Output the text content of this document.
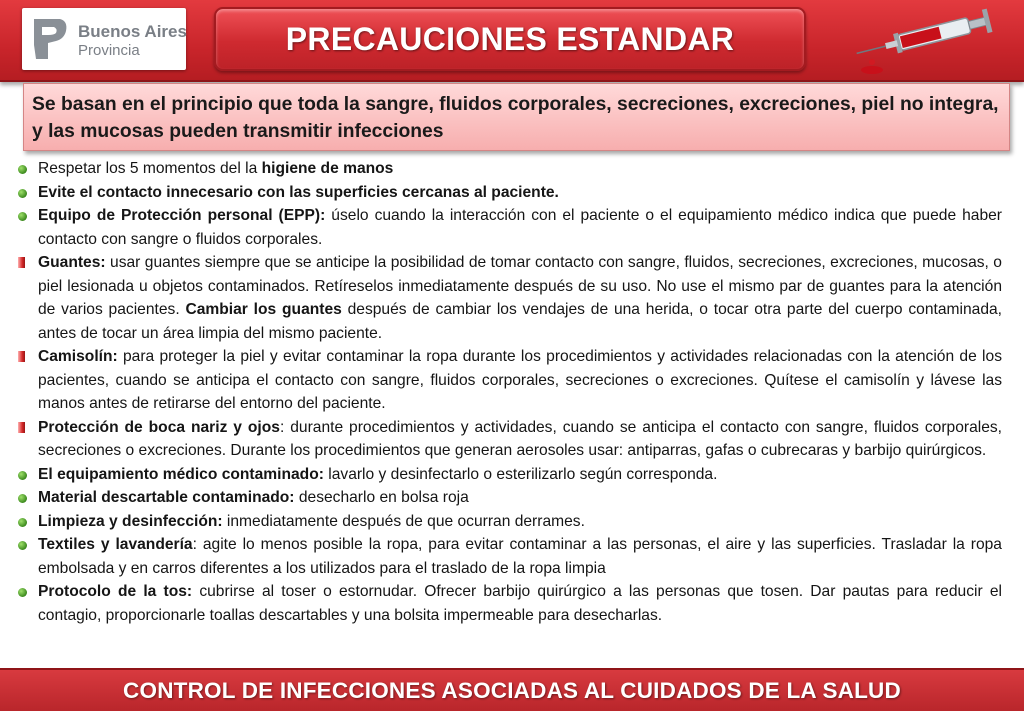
Buenos Aires
Provincia	PRECAUCIONES ESTANDAR
Se basan en el principio que toda la sangre, fluidos corporales, secreciones, excreciones, piel no integra, y las mucosas pueden transmitir infecciones
Respetar los 5 momentos del la higiene de manos
Evite el contacto innecesario con las superficies cercanas al paciente.
Equipo de Protección personal (EPP): úselo cuando la interacción con el paciente o el equipamiento médico indica que puede haber contacto con sangre o fluidos corporales.
Guantes: usar guantes siempre que se anticipe la posibilidad de tomar contacto con sangre, fluidos, secreciones, excreciones, mucosas, o piel lesionada u objetos contaminados. Retíreselos inmediatamente después de su uso. No use el mismo par de guantes para la atención de varios pacientes. Cambiar los guantes después de cambiar los vendajes de una herida, o tocar otra parte del cuerpo contaminada, antes de tocar un área limpia del mismo paciente.
Camisolín: para proteger la piel y evitar contaminar la ropa durante los procedimientos y actividades relacionadas con la atención de los pacientes, cuando se anticipa el contacto con sangre, fluidos corporales, secreciones o excreciones. Quítese el camisolín y lávese las manos antes de retirarse del entorno del paciente.
Protección de boca nariz y ojos: durante procedimientos y actividades, cuando se anticipa el contacto con sangre, fluidos corporales, secreciones o excreciones. Durante los procedimientos que generan aerosoles usar: antiparras, gafas o cubrecaras y barbijo quirúrgicos.
El equipamiento médico contaminado: lavarlo y desinfectarlo o esterilizarlo según corresponda.
Material descartable contaminado: desecharlo en bolsa roja
Limpieza y desinfección: inmediatamente después de que ocurran derrames.
Textiles y lavandería: agite lo menos posible la ropa, para evitar contaminar a las personas, el aire y las superficies. Trasladar la ropa embolsada y en carros diferentes a los utilizados para el traslado de la ropa limpia
Protocolo de la tos: cubrirse al toser o estornudar. Ofrecer barbijo quirúrgico a las personas que tosen. Dar pautas para reducir el contagio, proporcionarle toallas descartables y una bolsita impermeable para desecharlas.
CONTROL DE INFECCIONES ASOCIADAS AL CUIDADOS DE LA SALUD
